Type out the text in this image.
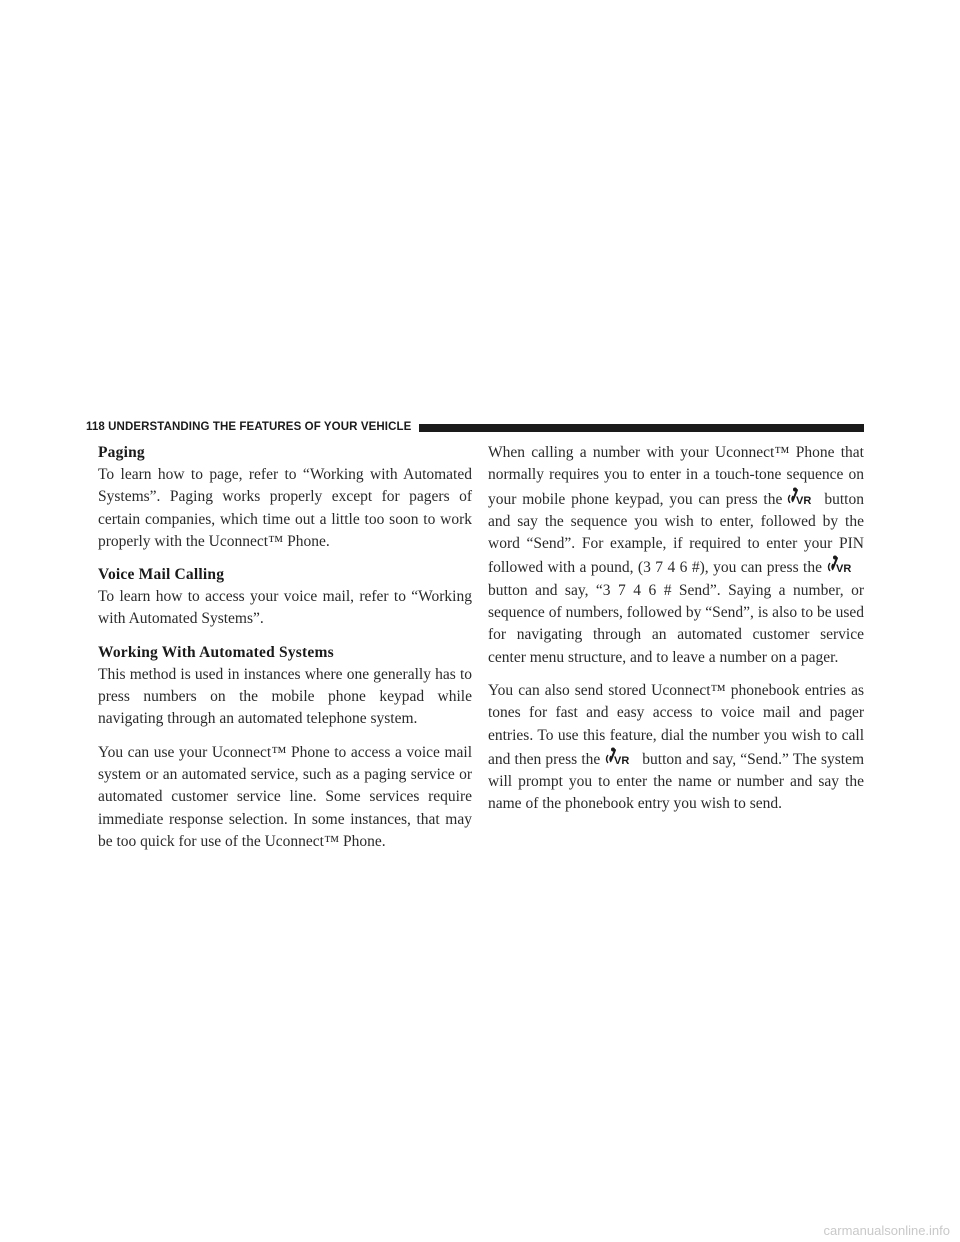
118 UNDERSTANDING THE FEATURES OF YOUR VEHICLE
Paging

To learn how to page, refer to “Working with Automated Systems”. Paging works properly except for pagers of certain companies, which time out a little too soon to work properly with the Uconnect™ Phone.

Voice Mail Calling

To learn how to access your voice mail, refer to “Working with Automated Systems”.

Working With Automated Systems

This method is used in instances where one generally has to press numbers on the mobile phone keypad while navigating through an automated telephone system.

You can use your Uconnect™ Phone to access a voice mail system or an automated service, such as a paging service or automated customer service line. Some services require immediate response selection. In some instances, that may be too quick for use of the Uconnect™ Phone.

When calling a number with your Uconnect™ Phone that normally requires you to enter in a touch-tone sequence on your mobile phone keypad, you can press the	button and say the sequence you wish to enter, followed by the word “Send”. For example, if required to enter your PIN followed with a pound, (3 7 4 6 #), you can press thebutton and say, “3 7 4 6 # Send”. Saying a number, or sequence of numbers, followed by “Send”, is also to be used for navigating through an automated customer service center menu structure, and to leave a number on a pager.

You can also send stored Uconnect™ phonebook entries as tones for fast and easy access to voice mail and pager entries. To use this feature, dial the number you wish to call and then press the	button and say, “Send.” The system will prompt you to enter the name or number and say the name of the phonebook entry you wish to send.

carmanualsonline.info
